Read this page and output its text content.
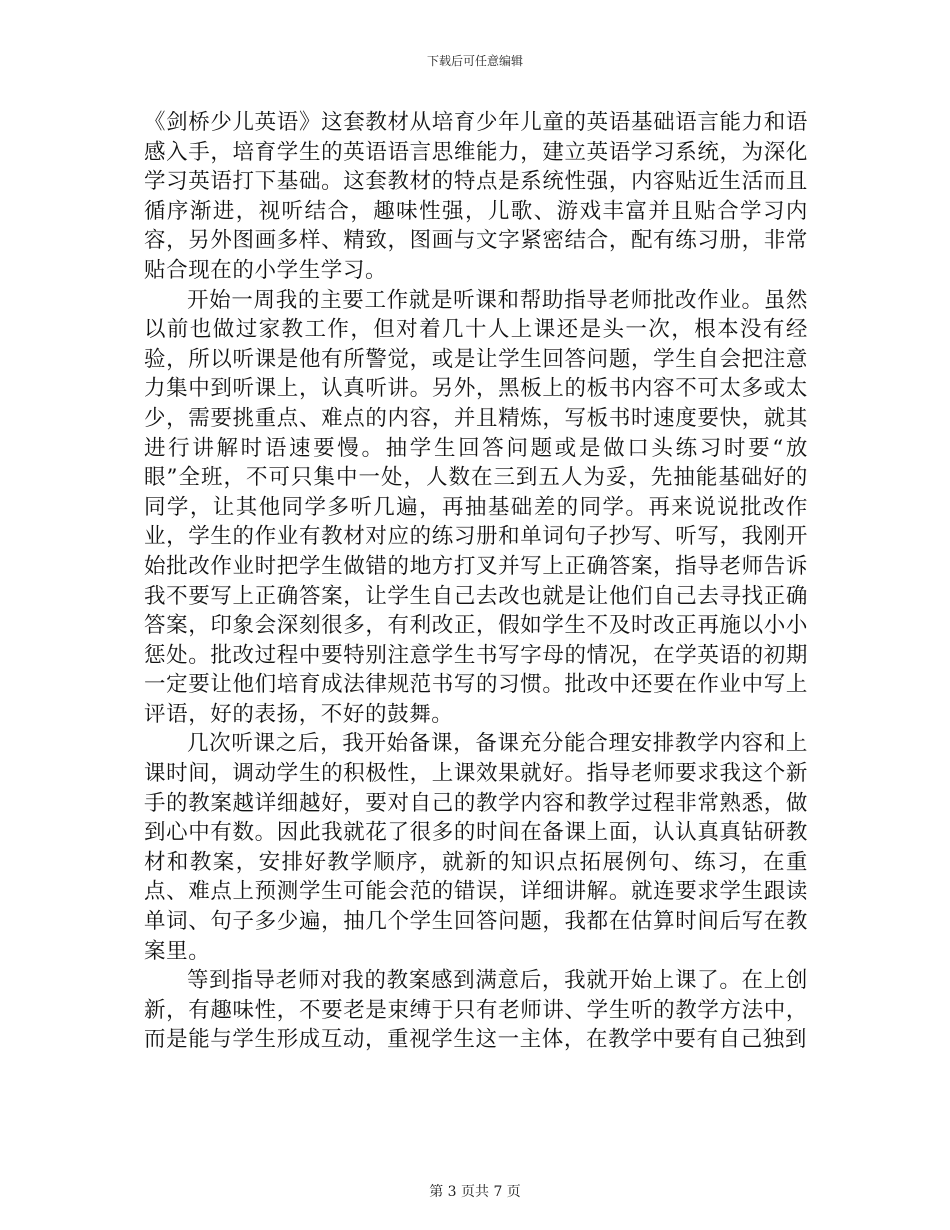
下载后可任意编辑

《剑桥少儿英语》这套教材从培育少年儿童的英语基础语言能力和语感入手，培育学生的英语语言思维能力，建立英语学习系统，为深化学习英语打下基础。这套教材的特点是系统性强，内容贴近生活而且循序渐进，视听结合，趣味性强，儿歌、游戏丰富并且贴合学习内容，另外图画多样、精致，图画与文字紧密结合，配有练习册，非常贴合现在的小学生学习。

开始一周我的主要工作就是听课和帮助指导老师批改作业。虽然以前也做过家教工作，但对着几十人上课还是头一次，根本没有经验，所以听课是他有所警觉，或是让学生回答问题，学生自会把注意力集中到听课上，认真听讲。另外，黑板上的板书内容不可太多或太少，需要挑重点、难点的内容，并且精炼，写板书时速度要快，就其进行讲解时语速要慢。抽学生回答问题或是做口头练习时要“放眼”全班，不可只集中一处，人数在三到五人为妥，先抽能基础好的同学，让其他同学多听几遍，再抽基础差的同学。再来说说批改作业，学生的作业有教材对应的练习册和单词句子抄写、听写，我刚开始批改作业时把学生做错的地方打叉并写上正确答案，指导老师告诉我不要写上正确答案，让学生自己去改也就是让他们自己去寻找正确答案，印象会深刻很多，有利改正，假如学生不及时改正再施以小小惩处。批改过程中要特别注意学生书写字母的情况，在学英语的初期一定要让他们培育成法律规范书写的习惯。批改中还要在作业中写上评语，好的表扬，不好的鼓舞。

几次听课之后，我开始备课，备课充分能合理安排教学内容和上课时间，调动学生的积极性，上课效果就好。指导老师要求我这个新手的教案越详细越好，要对自己的教学内容和教学过程非常熟悉，做到心中有数。因此我就花了很多的时间在备课上面，认认真真钻研教材和教案，安排好教学顺序，就新的知识点拓展例句、练习，在重点、难点上预测学生可能会范的错误，详细讲解。就连要求学生跟读单词、句子多少遍，抽几个学生回答问题，我都在估算时间后写在教案里。

等到指导老师对我的教案感到满意后，我就开始上课了。在上创新，有趣味性，不要老是束缚于只有老师讲、学生听的教学方法中，而是能与学生形成互动，重视学生这一主体，在教学中要有自己独到

第 3 页共 7 页
